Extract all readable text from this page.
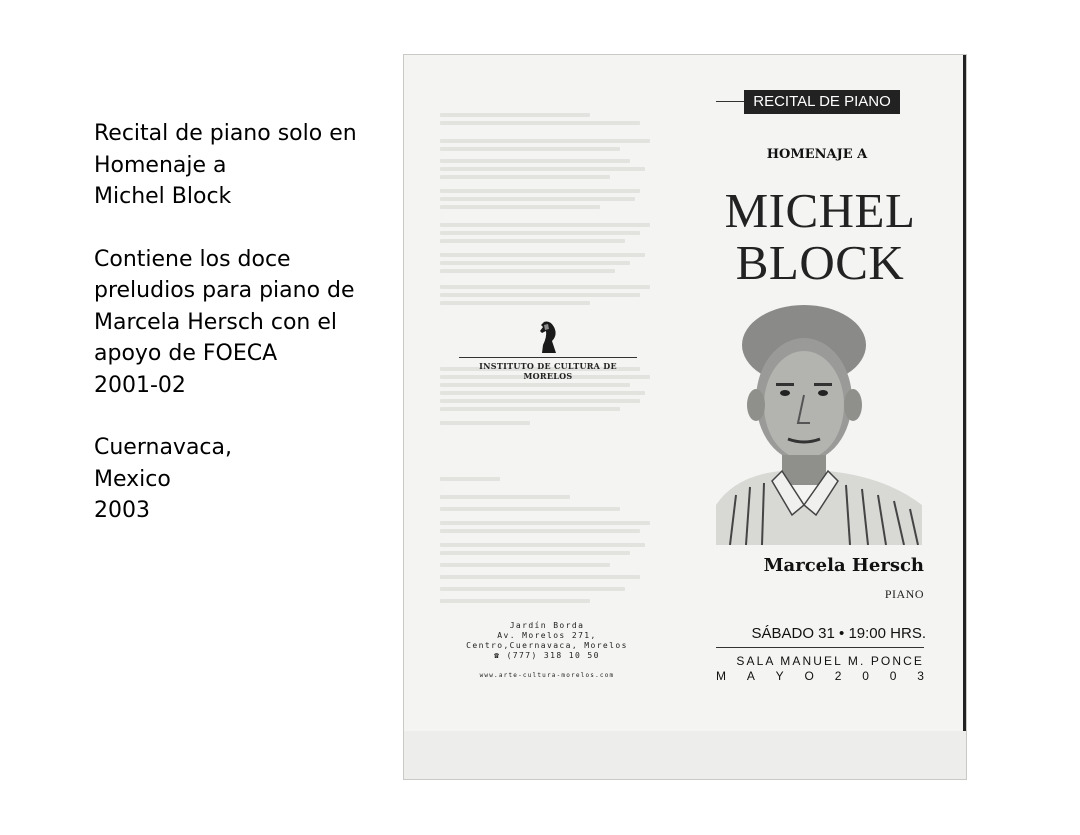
Recital de piano solo en
Homenaje a
Michel Block
Contiene los doce
preludios para piano de
Marcela Hersch con el
apoyo de FOECA
2001-02
Cuernavaca,
Mexico
2003
INSTITUTO DE CULTURA DE MORELOS
Jardín Borda
Av. Morelos 271,
Centro,Cuernavaca, Morelos
☎ (777) 318 10 50
www.arte-cultura-morelos.com
RECITAL DE PIANO
HOMENAJE A
MICHEL
BLOCK
Marcela Hersch
PIANO
SÁBADO 31 • 19:00 HRS.
SALA MANUEL M. PONCE
M A Y O 2 0 0 3
